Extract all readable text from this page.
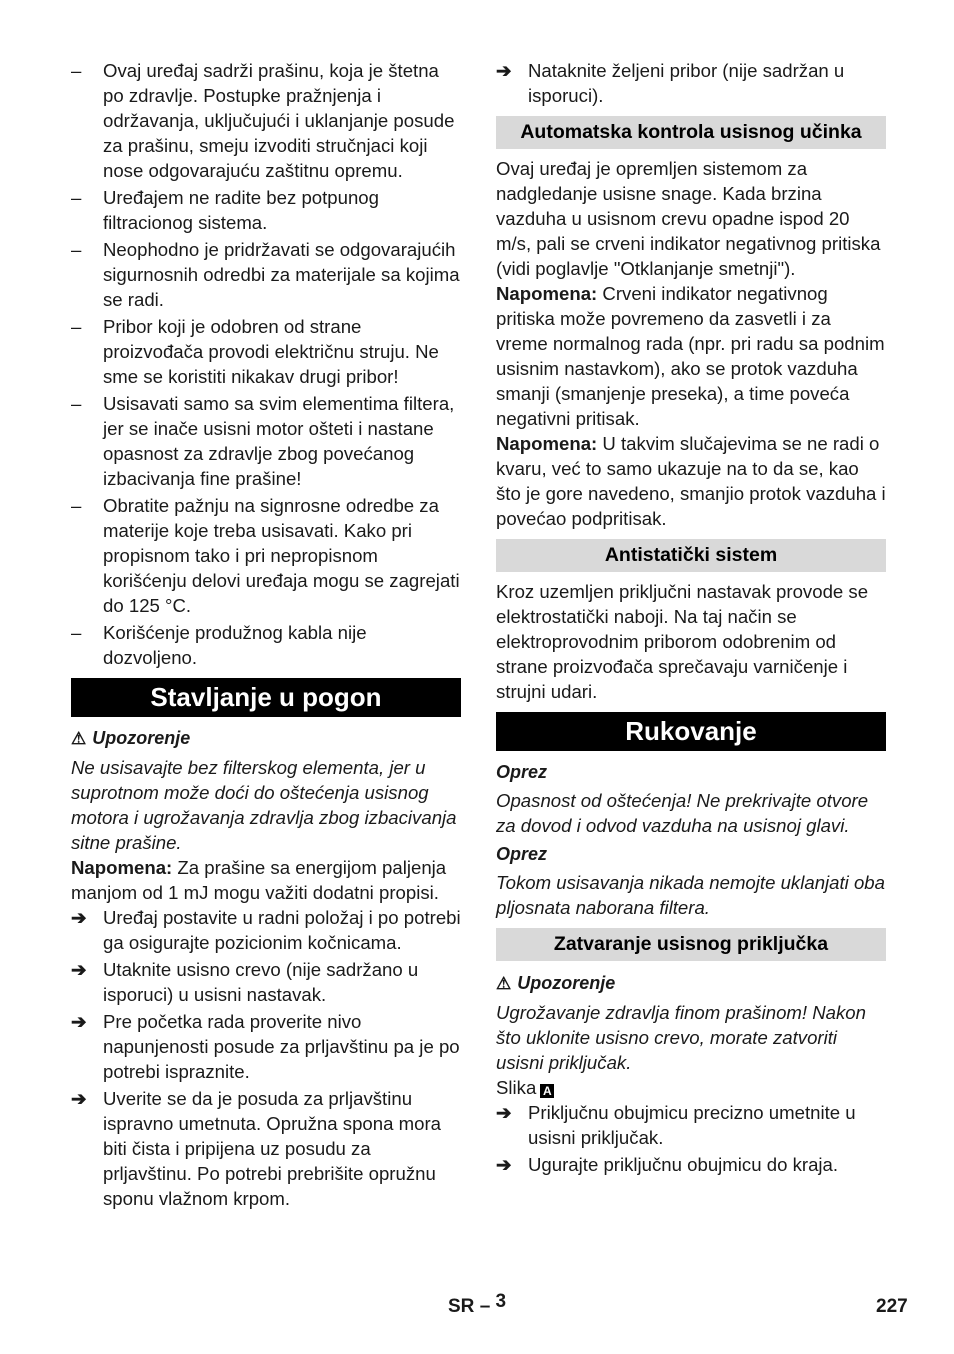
–	Ovaj uređaj sadrži prašinu, koja je štetna po zdravlje. Postupke pražnjenja i održavanja, uključujući i uklanjanje posude za prašinu, smeju izvoditi stručnjaci koji nose odgovarajuću zaštitnu opremu.
–	Uređajem ne radite bez potpunog filtracionog sistema.
–	Neophodno je pridržavati se odgovarajućih sigurnosnih odredbi za materijale sa kojima se radi.
–	Pribor koji je odobren od strane proizvođača provodi električnu struju. Ne sme se koristiti nikakav drugi pribor!
–	Usisavati samo sa svim elementima filtera, jer se inače usisni motor ošteti i nastane opasnost za zdravlje zbog povećanog izbacivanja fine prašine!
–	Obratite pažnju na signrosne odredbe za materije koje treba usisavati. Kako pri propisnom tako i pri nepropisnom korišćenju delovi uređaja mogu se zagrejati do 125 °C.
–	Korišćenje produžnog kabla nije dozvoljeno.
Stavljanje u pogon
⚠ Upozorenje

Ne usisavajte bez filterskog elementa, jer u suprotnom može doći do oštećenja usisnog motora i ugrožavanja zdravlja zbog izbacivanja sitne prašine.

Napomena: Za prašine sa energijom paljenja manjom od 1 mJ mogu važiti dodatni propisi.

➔ Uređaj postavite u radni položaj i po potrebi ga osigurajte pozicionim kočnicama.
➔ Utaknite usisno crevo (nije sadržano u isporuci) u usisni nastavak.
➔ Pre početka rada proverite nivo napunjenosti posude za prljavštinu pa je po potrebi ispraznite.
➔ Uverite se da je posuda za prljavštinu ispravno umetnuta. Opružna spona mora biti čista i pripijena uz posudu za prljavštinu. Po potrebi prebrišite opružnu sponu vlažnom krpom.
➔ Nataknite željeni pribor (nije sadržan u isporuci).
Automatska kontrola usisnog učinka

Ovaj uređaj je opremljen sistemom za nadgledanje usisne snage. Kada brzina vazduha u usisnom crevu opadne ispod 20 m/s, pali se crveni indikator negativnog pritiska (vidi poglavlje "Otklanjanje smetnji").

Napomena: Crveni indikator negativnog pritiska može povremeno da zasvetli i za vreme normalnog rada (npr. pri radu sa podnim usisnim nastavkom), ako se protok vazduha smanji (smanjenje preseka), a time poveća negativni pritisak.

Napomena: U takvim slučajevima se ne radi o kvaru, već to samo ukazuje na to da se, kao što je gore navedeno, smanjio protok vazduha i povećao podpritisak.

Antistatički sistem

Kroz uzemljen priključni nastavak provode se elektrostatički naboji. Na taj način se elektroprovodnim priborom odobrenim od strane proizvođača sprečavaju varničenje i strujni udari.

Rukovanje
Oprez

Opasnost od oštećenja! Ne prekrivajte otvore za dovod i odvod vazduha na usisnoj glavi.

Oprez

Tokom usisavanja nikada nemojte uklanjati oba pljosnata naborana filtera.

Zatvaranje usisnog priključka
⚠ Upozorenje

Ugrožavanje zdravlja finom prašinom! Nakon što uklonite usisno crevo, morate zatvoriti usisni priključak.

Slika A

➔ Priključnu obujmicu precizno umetnite u usisni priključak.
➔ Ugurajte priključnu obujmicu do kraja.
SR – 3	227
